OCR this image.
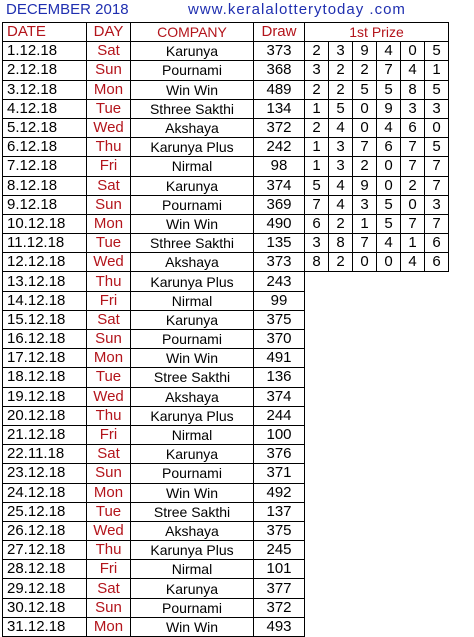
DECEMBER 2018	www.keralalotterytoday .com
DATE	DAY	COMPANY	Draw	1st Prize					
1.12.18	Sat	Karunya	373	2	3	9	4	0	5
2.12.18	Sun	Pournami	368	3	2	2	7	4	1
3.12.18	Mon	Win Win	489	2	2	5	5	8	5
4.12.18	Tue	Sthree Sakthi	134	1	5	0	9	3	3
5.12.18	Wed	Akshaya	372	2	4	0	4	6	0
6.12.18	Thu	Karunya Plus	242	1	3	7	6	7	5
7.12.18	Fri	Nirmal	98	1	3	2	0	7	7
8.12.18	Sat	Karunya	374	5	4	9	0	2	7
9.12.18	Sun	Pournami	369	7	4	3	5	0	3
10.12.18	Mon	Win Win	490	6	2	1	5	7	7
11.12.18	Tue	Sthree Sakthi	135	3	8	7	4	1	6
12.12.18	Wed	Akshaya	373	8	2	0	0	4	6
13.12.18	Thu	Karunya Plus	243						
14.12.18	Fri	Nirmal	99						
15.12.18	Sat	Karunya	375						
16.12.18	Sun	Pournami	370						
17.12.18	Mon	Win Win	491						
18.12.18	Tue	Stree Sakthi	136						
19.12.18	Wed	Akshaya	374						
20.12.18	Thu	Karunya Plus	244						
21.12.18	Fri	Nirmal	100						
22.11.18	Sat	Karunya	376						
23.12.18	Sun	Pournami	371						
24.12.18	Mon	Win Win	492						
25.12.18	Tue	Stree Sakthi	137						
26.12.18	Wed	Akshaya	375						
27.12.18	Thu	Karunya Plus	245						
28.12.18	Fri	Nirmal	101						
29.12.18	Sat	Karunya	377						
30.12.18	Sun	Pournami	372						
31.12.18	Mon	Win Win	493						
